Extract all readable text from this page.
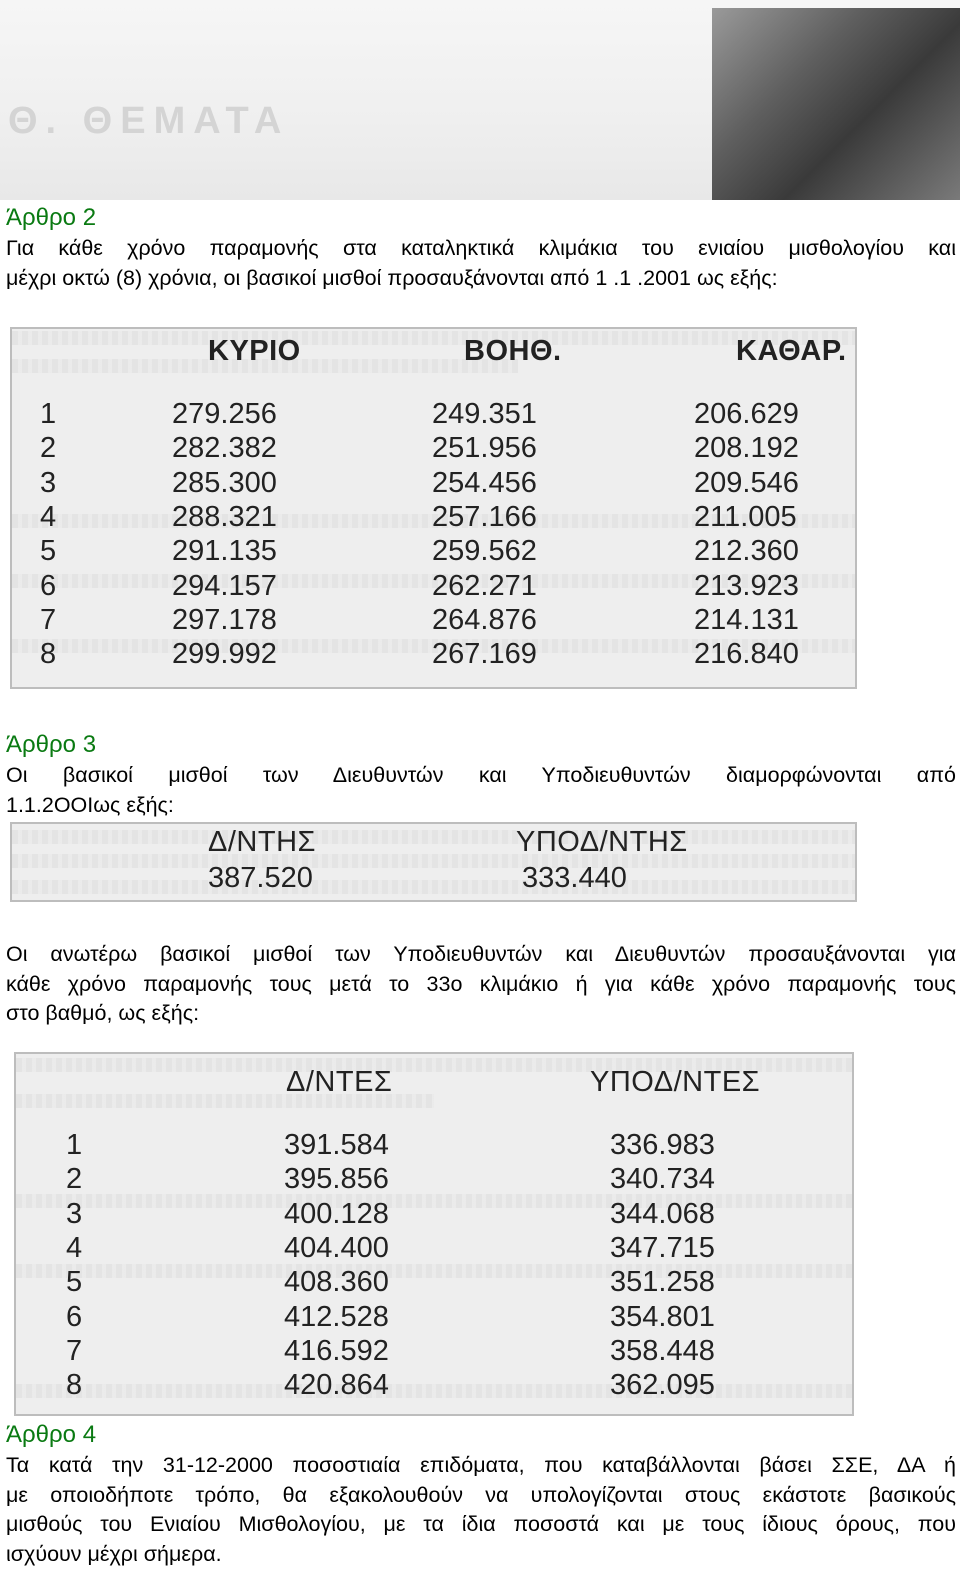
Θ. ΘΕΜΑΤΑ
Άρθρο 2
Για κάθε χρόνο παραμονής στα καταληκτικά κλιμάκια του ενιαίου μισθολογίου και
μέχρι οκτώ (8) χρόνια, οι βασικοί μισθοί προσαυξάνονται από 1 .1 .2001 ως εξής:
ΚΥΡΙΟ	ΒΟΗΘ.	ΚΑΘΑΡ.
1	279.256	249.351	206.629
2	282.382	251.956	208.192
3	285.300	254.456	209.546
4	288.321	257.166	211.005
5	291.135	259.562	212.360
6	294.157	262.271	213.923
7	297.178	264.876	214.131
8	299.992	267.169	216.840
Άρθρο 3
Οι βασικοί μισθοί των Διευθυντών και Υποδιευθυντών διαμορφώνονται από
1.1.2OOIως εξής:
Δ/ΝΤΗΣ	ΥΠΟΔ/ΝΤΗΣ
387.520	333.440
Οι ανωτέρω βασικοί μισθοί των Υποδιευθυντών και Διευθυντών προσαυξάνονται για
κάθε χρόνο παραμονής τους μετά το 33ο κλιμάκιο ή για κάθε χρόνο παραμονής τους
στο βαθμό, ως εξής:
Δ/ΝΤΕΣ	ΥΠΟΔ/ΝΤΕΣ
1	391.584	336.983
2	395.856	340.734
3	400.128	344.068
4	404.400	347.715
5	408.360	351.258
6	412.528	354.801
7	416.592	358.448
8	420.864	362.095
Άρθρο 4
Τα κατά την 31-12-2000 ποσοστιαία επιδόματα, που καταβάλλονται βάσει ΣΣΕ, ΔΑ ή
με οποιοδήποτε τρόπο, θα εξακολουθούν να υπολογίζονται στους εκάστοτε βασικούς
μισθούς του Ενιαίου Μισθολογίου, με τα ίδια ποσοστά και με τους ίδιους όρους, που
ισχύουν μέχρι σήμερα.
